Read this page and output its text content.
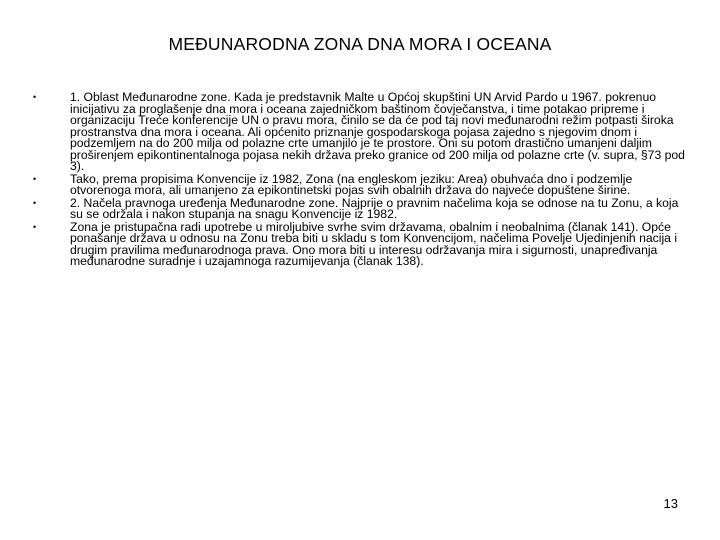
MEĐUNARODNA ZONA DNA MORA I OCEANA
•	1. Oblast Međunarodne zone. Kada je predstavnik Malte u Općoj skupštini UN Arvid Pardo u 1967. pokrenuo inicijativu za proglašenje dna mora i oceana zajedničkom baštinom čovječanstva, i time potakao pripreme i organizaciju Treće konferencije UN o pravu mora, činilo se da će pod taj novi međunarodni režim potpasti široka prostranstva dna mora i oceana. Ali općenito priznanje gospodarskoga pojasa zajedno s njegovim dnom i podzemljem na do 200 milja od polazne crte umanjilo je te prostore. Oni su potom drastično umanjeni daljim proširenjem epikontinentalnoga pojasa nekih država preko granice od 200 milja od polazne crte (v. supra, §73 pod 3).
•	Tako, prema propisima Konvencije iz 1982, Zona (na engleskom jeziku: Area) obuhvaća dno i podzemlje otvorenoga mora, ali umanjeno za epikontinetski pojas svih obalnih država do najveće dopuštene širine.
•	2. Načela pravnoga uređenja Međunarodne zone. Najprije o pravnim načelima koja se odnose na tu Zonu, a koja su se održala i nakon stupanja na snagu Konvencije iz 1982.
•	Zona je pristupačna radi upotrebe u miroljubive svrhe svim državama, obalnim i neobalnima (članak 141). Opće ponašanje država u odnosu na Zonu treba biti u skladu s tom Konvencijom, načelima Povelje Ujedinjenih nacija i drugim pravilima međunarodnoga prava. Ono mora biti u interesu održavanja mira i sigurnosti, unapređivanja međunarodne suradnje i uzajamnoga razumijevanja (članak 138).
13
